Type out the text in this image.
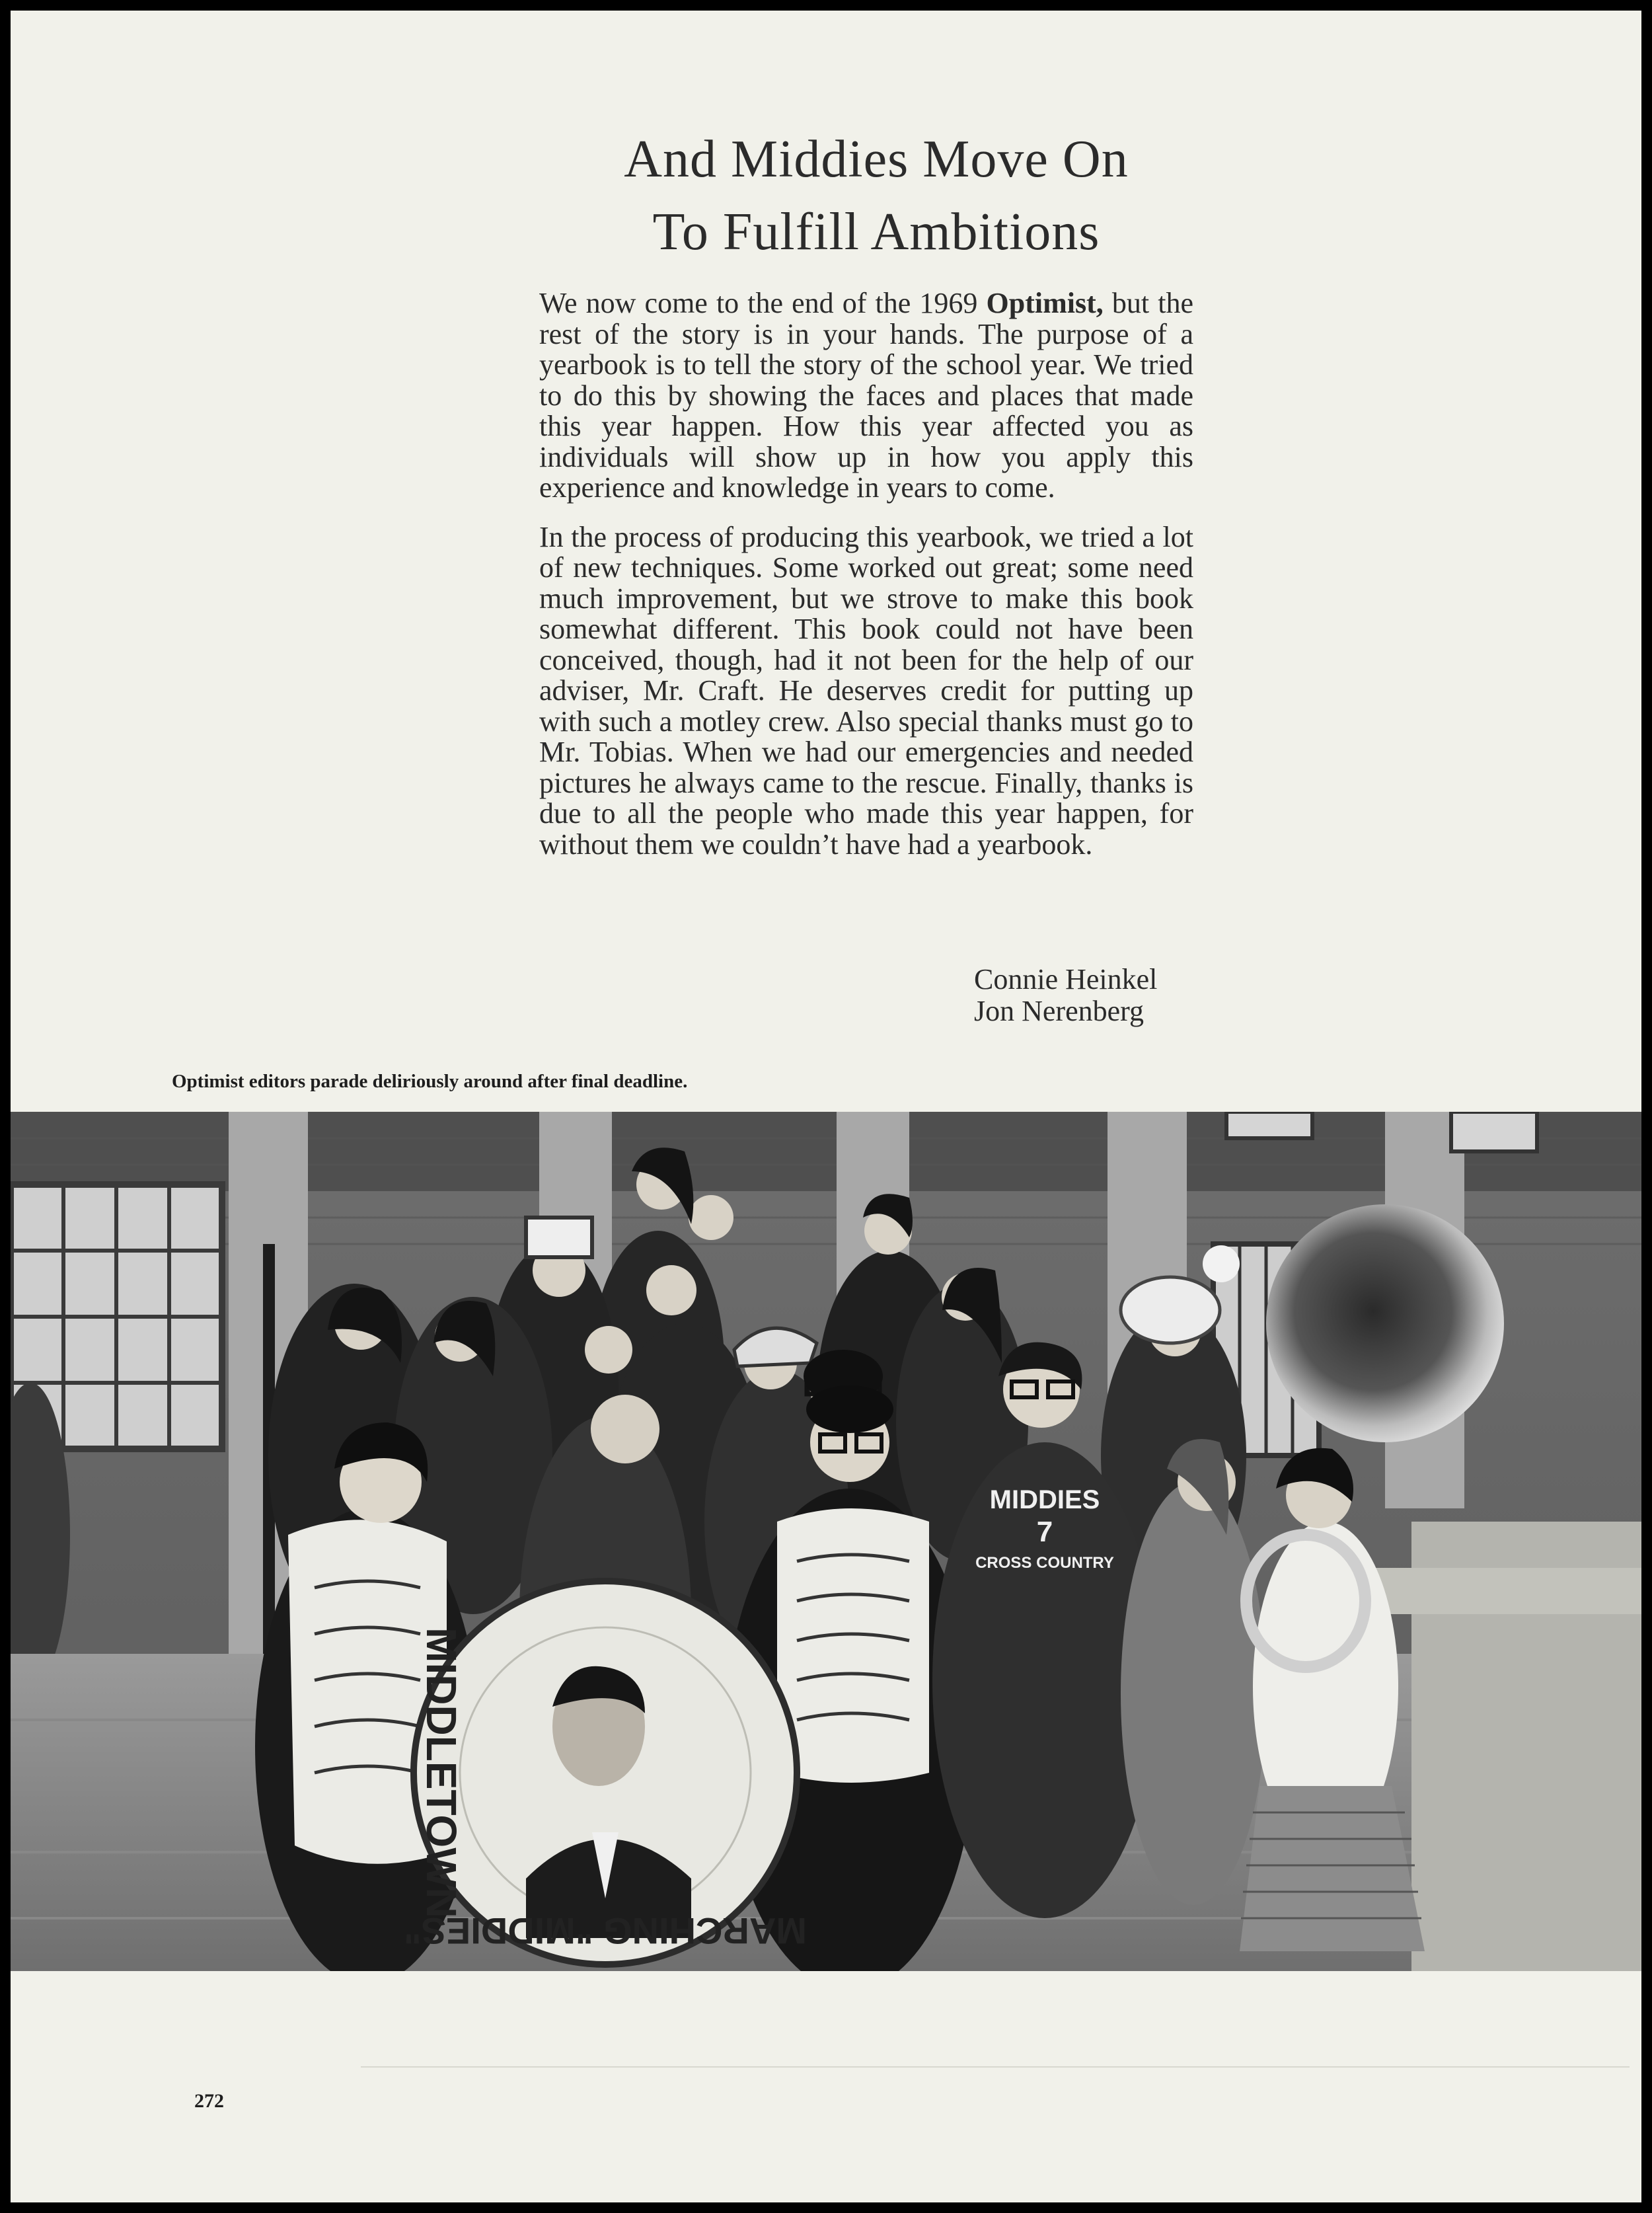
And Middies Move On
To Fulfill Ambitions

We now come to the end of the 1969 Optimist, but the rest of the story is in your hands. The purpose of a yearbook is to tell the story of the school year. We tried to do this by showing the faces and places that made this year happen. How this year affected you as individuals will show up in how you apply this experience and knowledge in years to come.

In the process of producing this yearbook, we tried a lot of new techniques. Some worked out great; some need much improvement, but we strove to make this book somewhat different. This book could not have been conceived, though, had it not been for the help of our adviser, Mr. Craft. He deserves credit for putting up with such a motley crew. Also special thanks must go to Mr. Tobias. When we had our emergencies and needed pictures he always came to the rescue. Finally, thanks is due to all the people who made this year happen, for without them we couldn’t have had a yearbook.

Connie Heinkel
Jon Nerenberg
Optimist editors parade deliriously around after final deadline.
MIDDIES
7
CROSS COUNTRY
MARCHING "MIDDIES"
MIDDLETOWN
272
